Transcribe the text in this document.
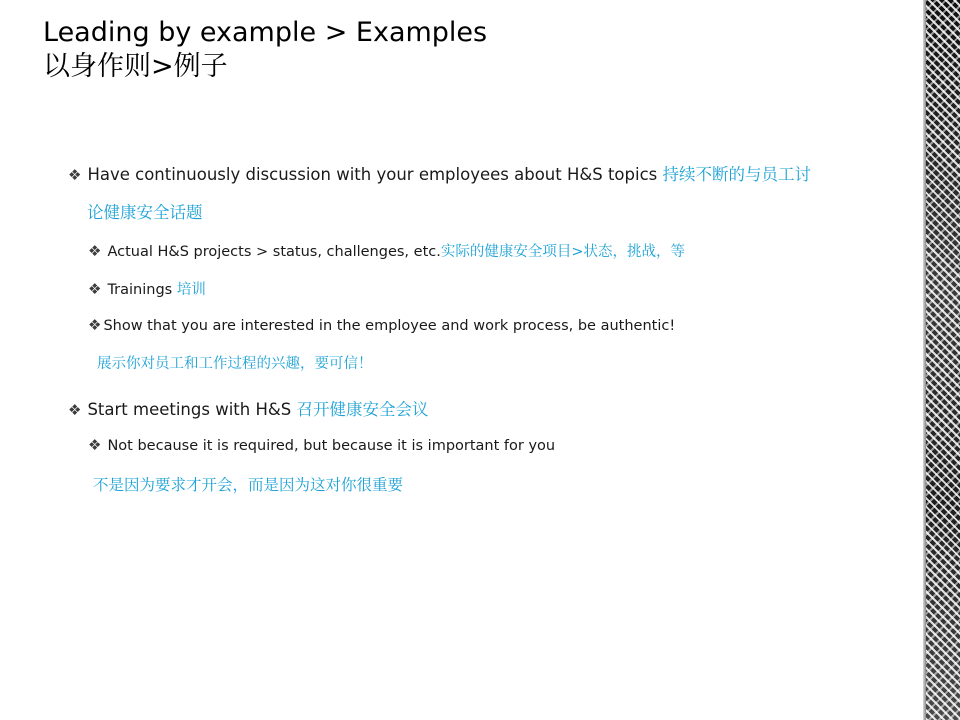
Leading by example > Examples
以身作则>例子
❖ Have continuously discussion with your employees about H&S topics 持续不断的与员工讨
论健康安全话题
❖ Actual H&S projects > status, challenges, etc.实际的健康安全项目>状态，挑战，等
❖ Trainings 培训
❖ Show that you are interested in the employee and work process, be authentic!
展示你对员工和工作过程的兴趣，要可信！
❖ Start meetings with H&S 召开健康安全会议
❖ Not because it is required, but because it is important for you
不是因为要求才开会，而是因为这对你很重要
